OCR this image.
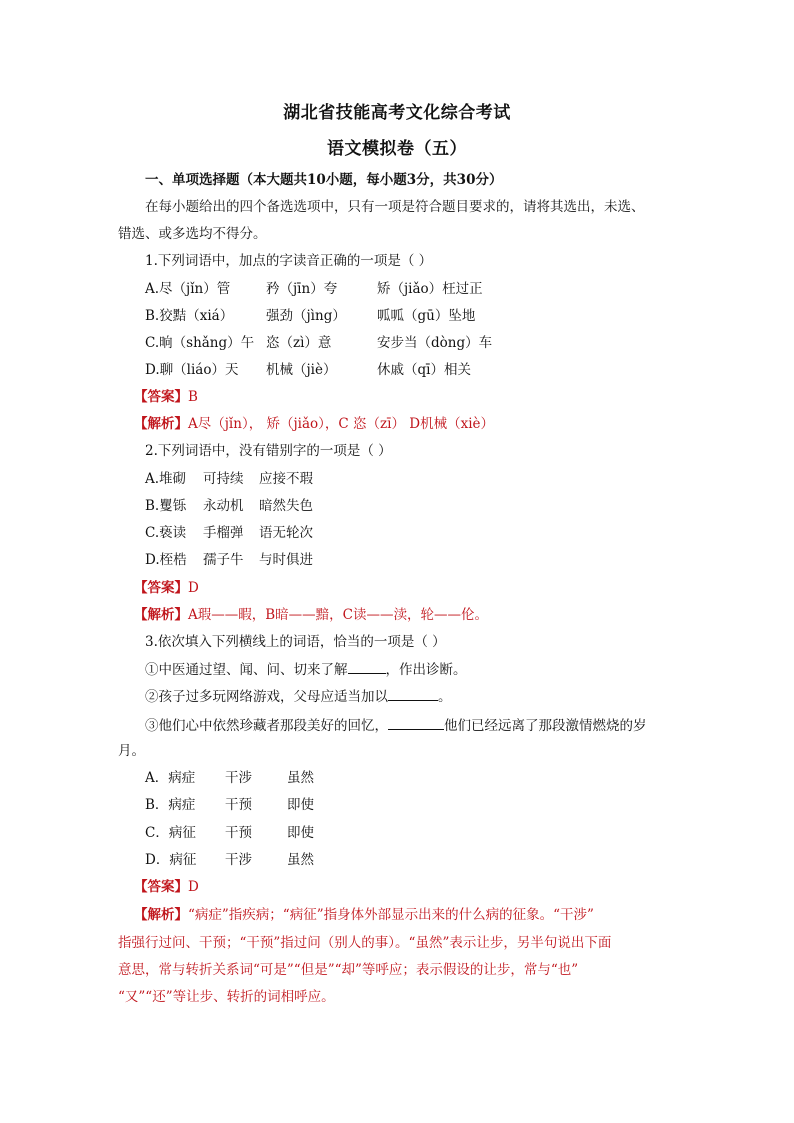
湖北省技能高考文化综合考试
语文模拟卷（五）
一、单项选择题（本大题共10小题，每小题3分，共30分）
在每小题给出的四个备选选项中，只有一项是符合题目要求的，请将其选出，未选、
错选、或多选均不得分。
1.下列词语中，加点的字读音正确的一项是（ ）
A.尽（jǐn）管	矜（jīn）夸	矫（jiǎo）枉过正
B.狡黠（xiá） 强劲（jìng） 呱呱（gū）坠地
C.晌（shǎng）午 恣（zì）意	安步当（dòng）车
D.聊（liáo）天 机械（jiè）	休戚（qī）相关
【答案】B
【解析】A尽（jǐn）， 矫（jiǎo），C 恣（zī） D机械（xiè）
2.下列词语中，没有错别字的一项是（ ）
A.堆砌 可持续 应接不瑕
B.矍铄 永动机 暗然失色
C.亵读 手榴弹 语无轮次
D.桎梏 孺子牛 与时俱进
【答案】D
【解析】A瑕——暇，B暗——黯，C读——渎，轮——伦。
3.依次填入下列横线上的词语，恰当的一项是（ ）
①中医通过望、闻、问、切来了解	，作出诊断。
②孩子过多玩网络游戏，父母应适当加以	。
③他们心中依然珍藏者那段美好的回忆，	他们已经远离了那段激情燃烧的岁
月。
A．病症 干涉	虽然
B．病症 干预	即使
C．病征 干预	即使
D．病征 干涉	虽然
【答案】D
【解析】“病症”指疾病；“病征”指身体外部显示出来的什么病的征象。“干涉”
指强行过问、干预；“干预”指过问（别人的事）。“虽然”表示让步，另半句说出下面
意思，常与转折关系词“可是”“但是”“却”等呼应；表示假设的让步，常与“也”
“又”“还”等让步、转折的词相呼应。
